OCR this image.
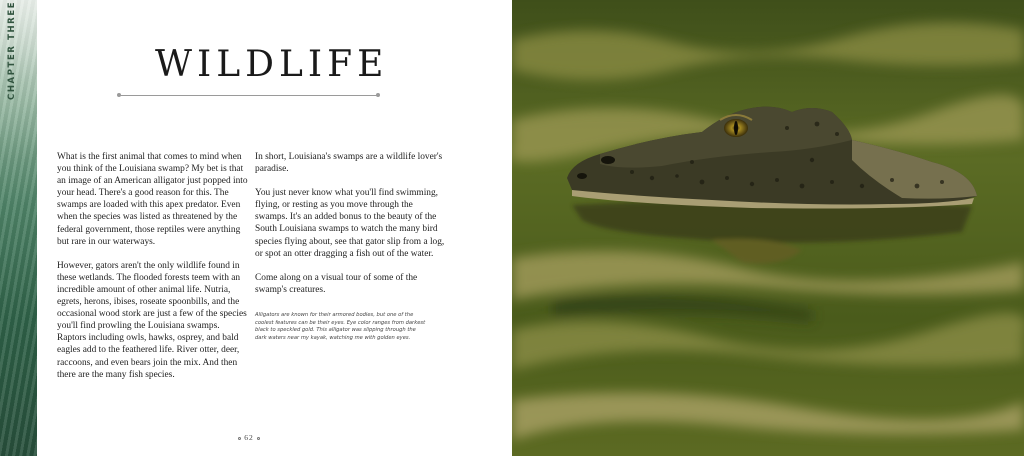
CHAPTER THREE	WILDLIFE

What is the first animal that comes to mind when you think of the Louisiana swamp? My bet is that an image of an American alligator just popped into your head. There's a good reason for this. The swamps are loaded with this apex predator. Even when the species was listed as threatened by the federal government, those reptiles were anything but rare in our waterways.

However, gators aren't the only wildlife found in these wetlands. The flooded forests teem with an incredible amount of other animal life. Nutria, egrets, herons, ibises, roseate spoonbills, and the occasional wood stork are just a few of the species you'll find prowling the Louisiana swamps. Raptors including owls, hawks, osprey, and bald eagles add to the feathered life. River otter, deer, raccoons, and even bears join the mix. And then there are the many fish species.

In short, Louisiana's swamps are a wildlife lover's paradise.

You just never know what you'll find swimming, flying, or resting as you move through the swamps. It's an added bonus to the beauty of the South Louisiana swamps to watch the many bird species flying about, see that gator slip from a log, or spot an otter dragging a fish out of the water.

Come along on a visual tour of some of the swamp's creatures.

Alligators are known for their armored bodies, but one of the coolest features can be their eyes. Eye color ranges from darkest black to speckled gold. This alligator was slipping through the dark waters near my kayak, watching me with golden eyes.
62
